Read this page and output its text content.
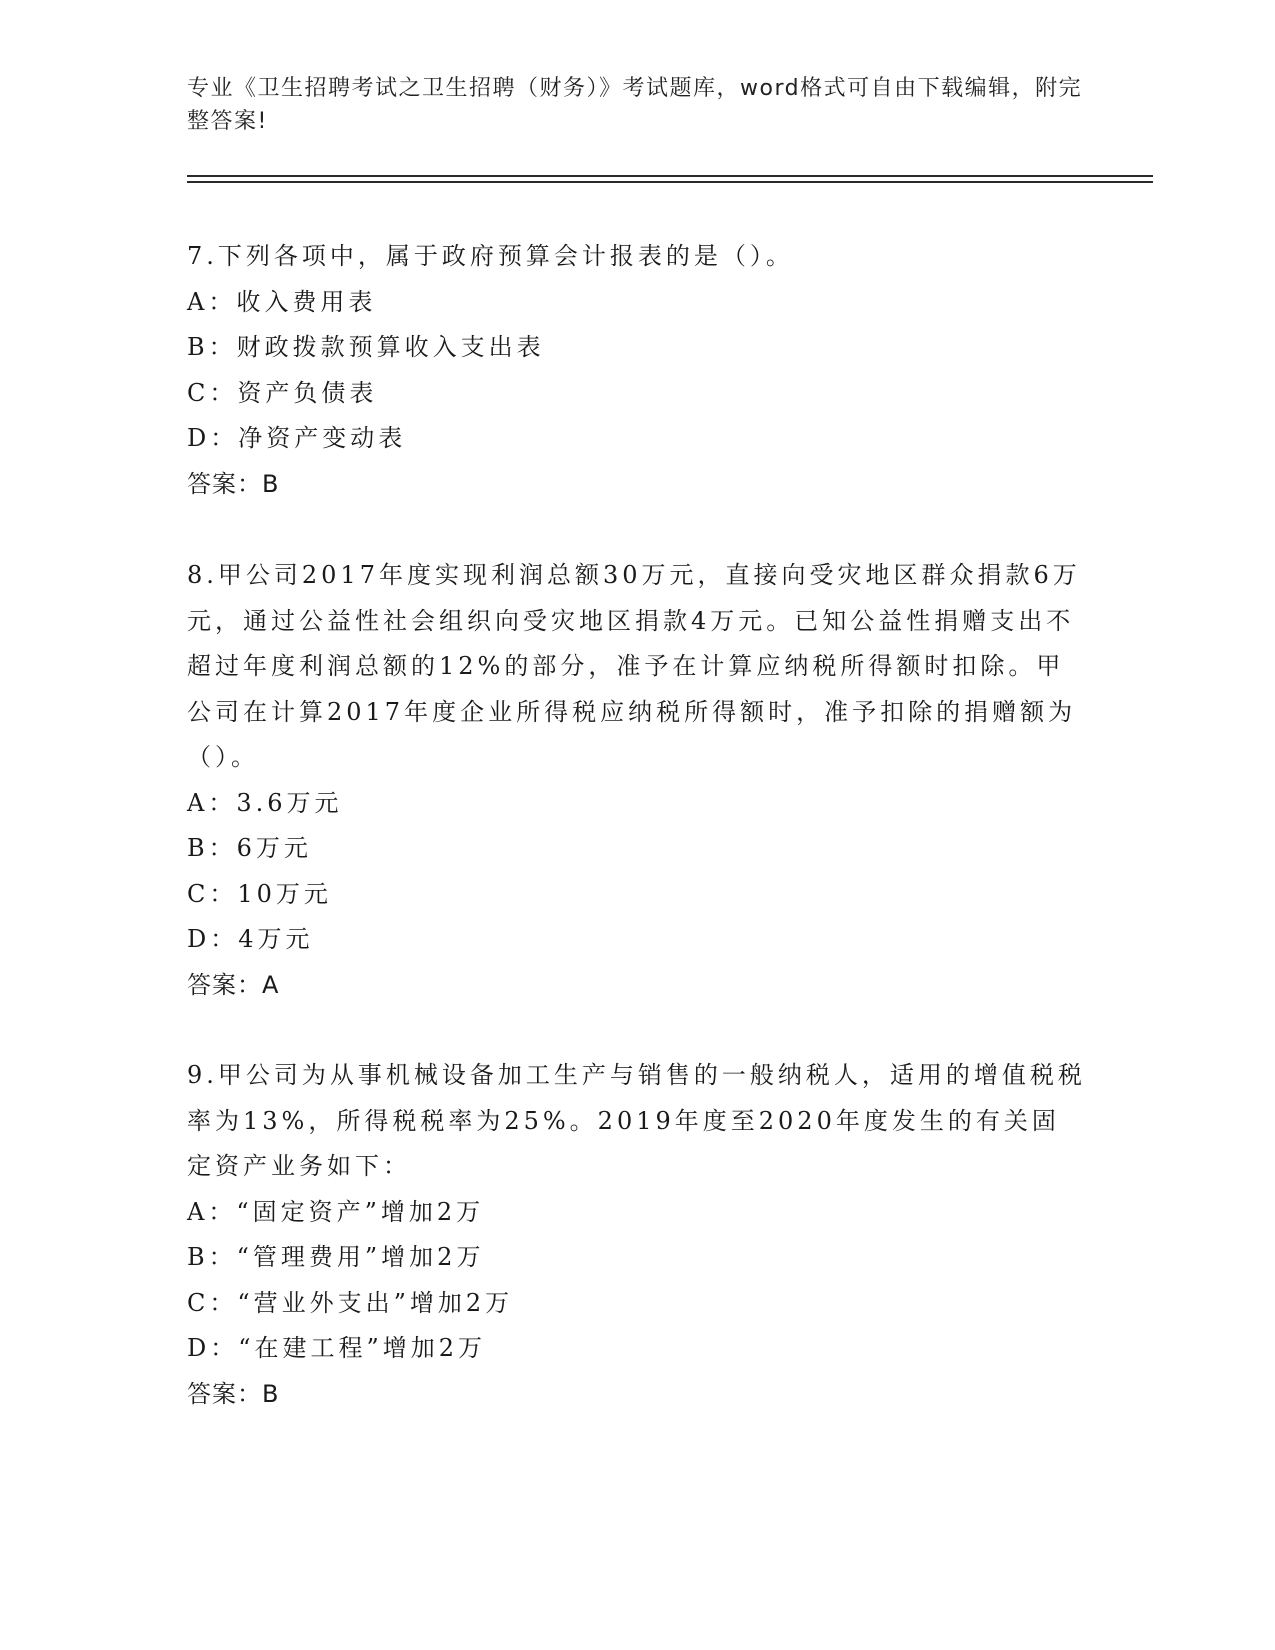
专业《卫生招聘考试之卫生招聘（财务）》考试题库，word格式可自由下载编辑，附完整答案!
7.下列各项中，属于政府预算会计报表的是（）。
A：收入费用表
B：财政拨款预算收入支出表
C：资产负债表
D：净资产变动表
答案：B
8.甲公司2017年度实现利润总额30万元，直接向受灾地区群众捐款6万元，通过公益性社会组织向受灾地区捐款4万元。已知公益性捐赠支出不超过年度利润总额的12%的部分，准予在计算应纳税所得额时扣除。甲公司在计算2017年度企业所得税应纳税所得额时，准予扣除的捐赠额为（）。
A：3.6万元
B：6万元
C：10万元
D：4万元
答案：A
9.甲公司为从事机械设备加工生产与销售的一般纳税人，适用的增值税税率为13%，所得税税率为25%。2019年度至2020年度发生的有关固定资产业务如下：
A：“固定资产”增加2万
B：“管理费用”增加2万
C：“营业外支出”增加2万
D：“在建工程”增加2万
答案：B
